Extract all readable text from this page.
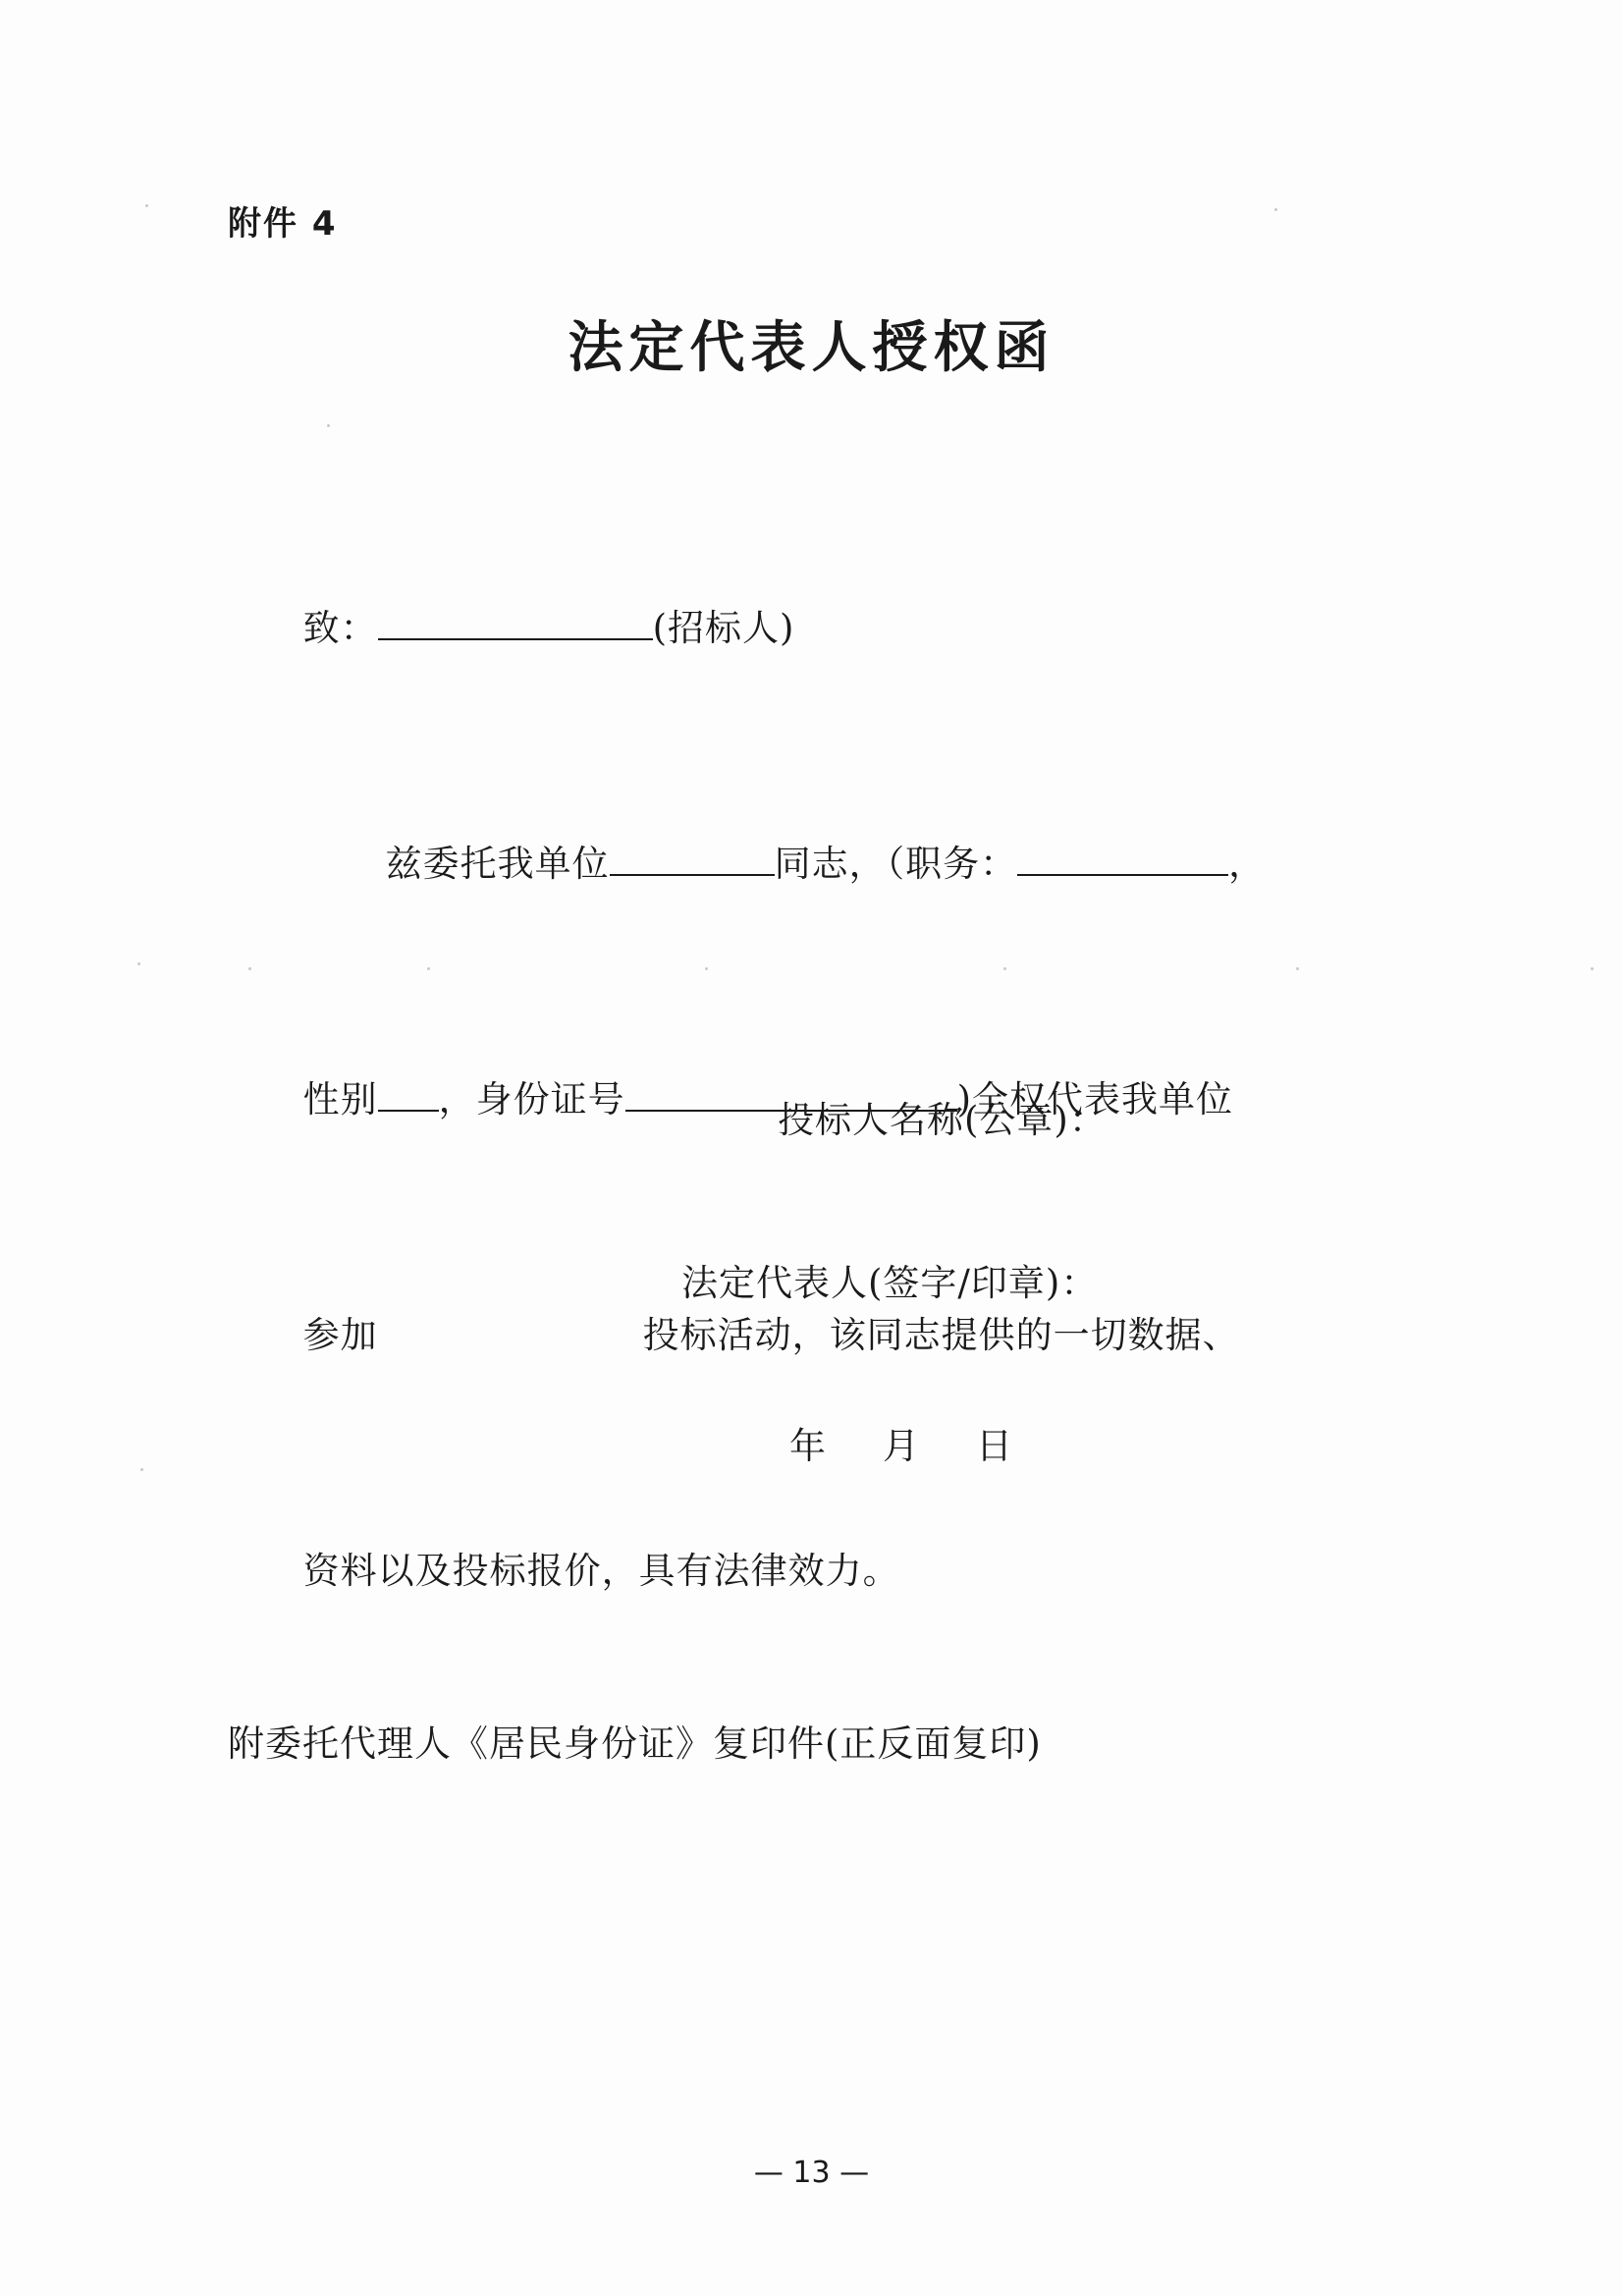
附件 4
法定代表人授权函

致：	(招标人)

兹委托我单位	同志，（职务：	，

性别 ，身份证号	)全权代表我单位

参加	投标活动，该同志提供的一切数据、

资料以及投标报价，具有法律效力。

投标人名称(公章)：
法定代表人(签字/印章)：
年 月 日
附委托代理人《居民身份证》复印件(正反面复印)
— 13 —
